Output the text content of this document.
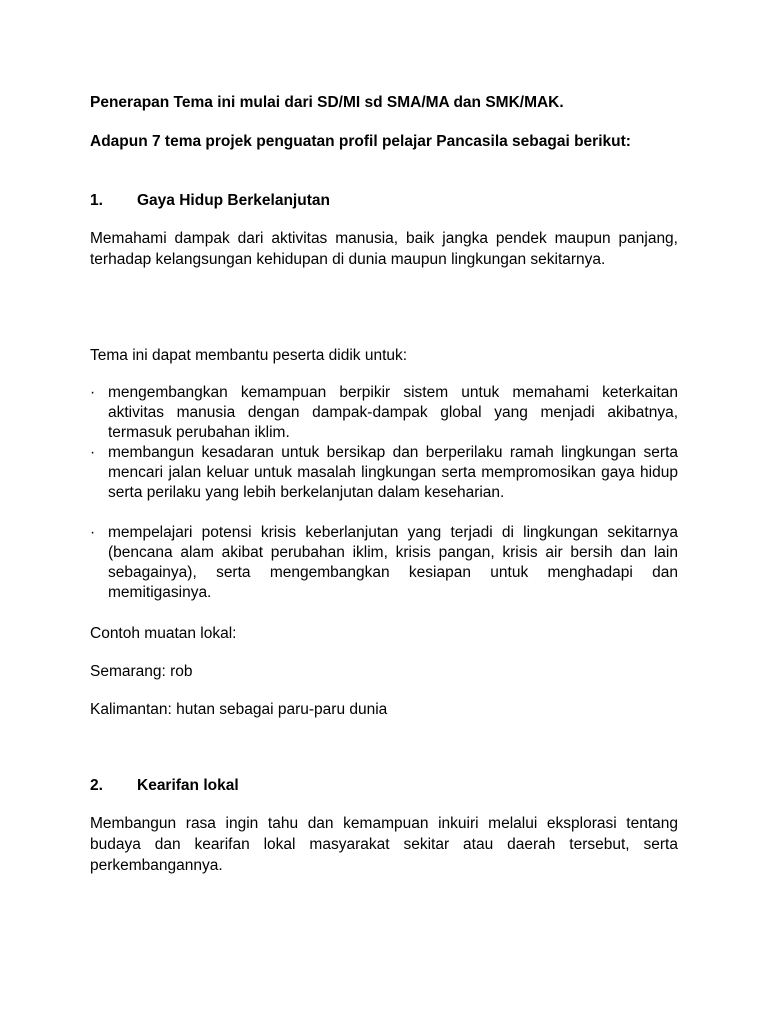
Penerapan Tema ini mulai dari SD/MI sd SMA/MA dan SMK/MAK.
Adapun 7 tema projek penguatan profil pelajar Pancasila sebagai berikut:
1. Gaya Hidup Berkelanjutan
Memahami dampak dari aktivitas manusia, baik jangka pendek maupun panjang, terhadap kelangsungan kehidupan di dunia maupun lingkungan sekitarnya.
Tema ini dapat membantu peserta didik untuk:
· mengembangkan kemampuan berpikir sistem untuk memahami keterkaitan aktivitas manusia dengan dampak-dampak global yang menjadi akibatnya, termasuk perubahan iklim.
· membangun kesadaran untuk bersikap dan berperilaku ramah lingkungan serta mencari jalan keluar untuk masalah lingkungan serta mempromosikan gaya hidup serta perilaku yang lebih berkelanjutan dalam keseharian.
· mempelajari potensi krisis keberlanjutan yang terjadi di lingkungan sekitarnya (bencana alam akibat perubahan iklim, krisis pangan, krisis air bersih dan lain sebagainya), serta mengembangkan kesiapan untuk menghadapi dan memitigasinya.
Contoh muatan lokal:
Semarang: rob
Kalimantan: hutan sebagai paru-paru dunia
2. Kearifan lokal
Membangun rasa ingin tahu dan kemampuan inkuiri melalui eksplorasi tentang budaya dan kearifan lokal masyarakat sekitar atau daerah tersebut, serta perkembangannya.
